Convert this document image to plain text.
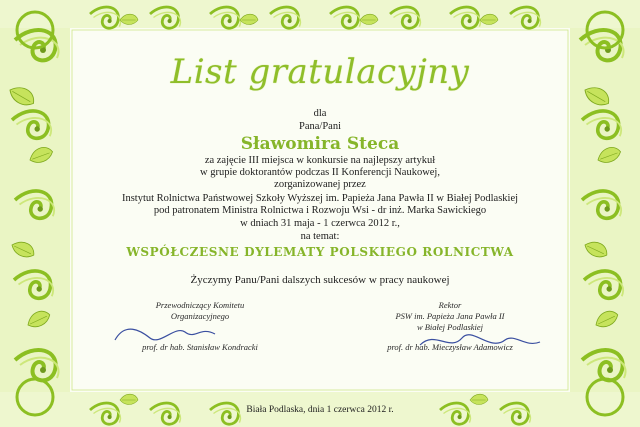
List gratulacyjny
dla
Pana/Pani
Sławomira Steca
za zajęcie III miejsca w konkursie na najlepszy artykuł
w grupie doktorantów podczas II Konferencji Naukowej,
zorganizowanej przez
Instytut Rolnictwa Państwowej Szkoły Wyższej im. Papieża Jana Pawła II w Białej Podlaskiej
pod patronatem Ministra Rolnictwa i Rozwoju Wsi - dr inż. Marka Sawickiego
w dniach 31 maja - 1 czerwca 2012 r.,
na temat:
WSPÓŁCZESNE DYLEMATY POLSKIEGO ROLNICTWA
Życzymy Panu/Pani dalszych sukcesów w pracy naukowej
Przewodniczący Komitetu
Organizacyjnego
prof. dr hab. Stanisław Kondracki
Rektor
PSW im. Papieża Jana Pawła II
w Białej Podlaskiej
prof. dr hab. Mieczysław Adamowicz
Biała Podlaska, dnia 1 czerwca 2012 r.
